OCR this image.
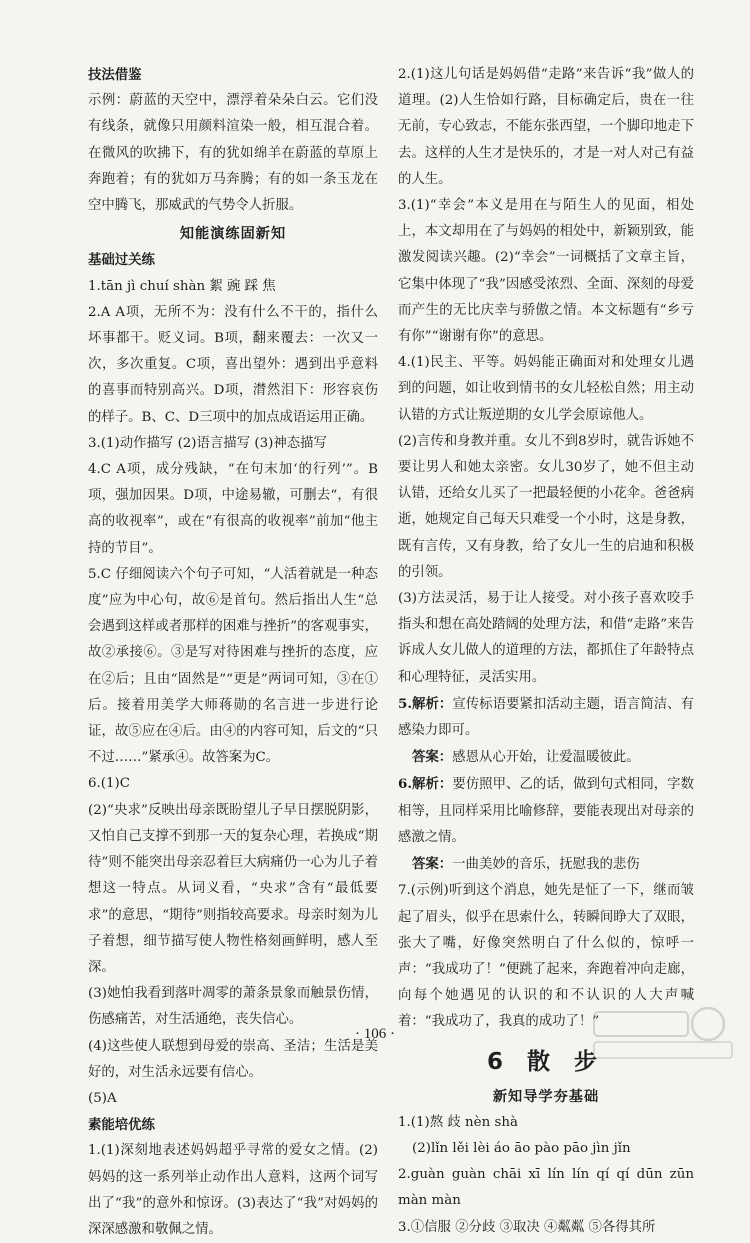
技法借鉴

示例：蔚蓝的天空中，漂浮着朵朵白云。它们没有线条，就像只用颜料渲染一般，相互混合着。在微风的吹拂下，有的犹如绵羊在蔚蓝的草原上奔跑着；有的犹如万马奔腾；有的如一条玉龙在空中腾飞，那威武的气势令人折服。

知能演练固新知
基础过关练

1.tān jì chuí shàn 絮 豌 踩 焦

2.A A项，无所不为：没有什么不干的，指什么坏事都干。贬义词。B项，翻来覆去：一次又一次，多次重复。C项，喜出望外：遇到出乎意料的喜事而特别高兴。D项，潸然泪下：形容哀伤的样子。B、C、D三项中的加点成语运用正确。

3.(1)动作描写 (2)语言描写 (3)神态描写

4.C A项，成分残缺，“在句末加‘的行列’”。B项，强加因果。D项，中途易辙，可删去“，有很高的收视率”，或在“有很高的收视率”前加“他主持的节目”。

5.C 仔细阅读六个句子可知，“人活着就是一种态度”应为中心句，故⑥是首句。然后指出人生“总会遇到这样或者那样的困难与挫折”的客观事实，故②承接⑥。③是写对待困难与挫折的态度，应在②后；且由“固然是”“更是”两词可知，③在①后。接着用美学大师蒋勋的名言进一步进行论证，故⑤应在④后。由④的内容可知，后文的“只不过……”紧承④。故答案为C。

6.(1)C

(2)“央求”反映出母亲既盼望儿子早日摆脱阴影，又怕自己支撑不到那一天的复杂心理，若换成“期待”则不能突出母亲忍着巨大病痛仍一心为儿子着想这一特点。从词义看，“央求”含有“最低要求”的意思，“期待”则指较高要求。母亲时刻为儿子着想，细节描写使人物性格刻画鲜明，感人至深。

(3)她怕我看到落叶凋零的萧条景象而触景伤情，伤感痛苦，对生活通绝，丧失信心。

(4)这些使人联想到母爱的崇高、圣洁；生活是美好的，对生活永远要有信心。

(5)A

素能培优练

1.(1)深刻地表述妈妈超乎寻常的爱女之情。(2)妈妈的这一系列举止动作出人意料，这两个词写出了“我”的意外和惊讶。(3)表达了“我”对妈妈的深深感激和敬佩之情。

2.(1)这儿句话是妈妈借“走路”来告诉“我”做人的道理。(2)人生恰如行路，目标确定后，贵在一往无前，专心致志，不能东张西望，一个脚印地走下去。这样的人生才是快乐的，才是一对人对己有益的人生。

3.(1)“幸会”本义是用在与陌生人的见面，相处上，本文却用在了与妈妈的相处中，新颖别致，能激发阅读兴趣。(2)“幸会”一词概括了文章主旨，它集中体现了“我”因感受浓烈、全面、深刻的母爱而产生的无比庆幸与骄傲之情。本文标题有“乡亏有你”“谢谢有你”的意思。

4.(1)民主、平等。妈妈能正确面对和处理女儿遇到的问题，如让收到情书的女儿轻松自然；用主动认错的方式让叛逆期的女儿学会原谅他人。

(2)言传和身教并重。女儿不到8岁时，就告诉她不要让男人和她太亲密。女儿30岁了，她不但主动认错，还给女儿买了一把最轻便的小花伞。爸爸病逝，她规定自己每天只难受一个小时，这是身教，既有言传，又有身教，给了女儿一生的启迪和积极的引领。

(3)方法灵活，易于让人接受。对小孩子喜欢咬手指头和想在高处踏阔的处理方法，和借“走路”来告诉成人女儿做人的道理的方法，都抓住了年龄特点和心理特征，灵活实用。

5.解析：宣传标语要紧扣活动主题，语言简洁、有感染力即可。

答案：感恩从心开始，让爱温暖彼此。

6.解析：要仿照甲、乙的话，做到句式相同，字数相等，且同样采用比喻修辞，要能表现出对母亲的感激之情。

答案：一曲美妙的音乐，抚慰我的悲伤

7.(示例)听到这个消息，她先是怔了一下，继而皱起了眉头，似乎在思索什么，转瞬间睁大了双眼，张大了嘴，好像突然明白了什么似的，惊呼一声：“我成功了！”便跳了起来，奔跑着冲向走廊，向每个她遇见的认识的和不认识的人大声喊着：“我成功了，我真的成功了！”

6 散 步
新知导学夯基础

1.(1)熬 歧 nèn shà

(2)lǐn lěi lèi áo āo pào pāo jìn jǐn

2.guàn guàn chāi xī lín lín qí qí dūn zūn màn màn

3.①信服 ②分歧 ③取决 ④粼粼 ⑤各得其所

· 106 ·
